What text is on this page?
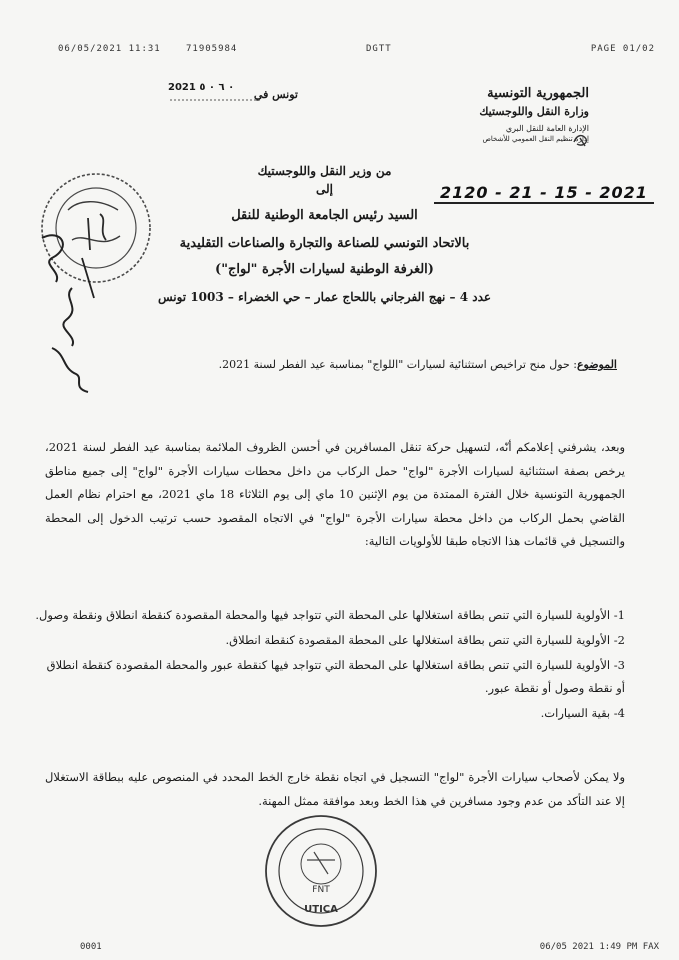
06/05/2021 11:31	71905984	DGTT	PAGE 01/02
الجمهورية التونسية
وزارة النقل واللوجستيك
الإدارة العامة للنقل البري
إدارة تنظيم النقل العمومي للأشخاص
2021 ٠ ٦ ٠ ٥
تونس في
2120 - 21 - 15 - 2021
من وزير النقل واللوجستيك
إلى
السيد رئيس الجامعة الوطنية للنقل
بالاتحاد التونسي للصناعة والتجارة والصناعات التقليدية
(الغرفة الوطنية لسيارات الأجرة "لواج")
عدد 4 – نهج الفرجاني باللحاج عمار – حي الخضراء – 1003 تونس
الموضوع: حول منح تراخيص استثنائية لسيارات "اللواج" بمناسبة عيد الفطر لسنة 2021.

وبعد، يشرفني إعلامكم أنّه، لتسهيل حركة تنقل المسافرين في أحسن الظروف الملائمة بمناسبة عيد الفطر لسنة 2021، يرخص بصفة استثنائية لسيارات الأجرة "لواج" حمل الركاب من داخل محطات سيارات الأجرة "لواج" إلى جميع مناطق الجمهورية التونسية خلال الفترة الممتدة من يوم الإثنين 10 ماي إلى يوم الثلاثاء 18 ماي 2021، مع احترام نظام العمل القاضي بحمل الركاب من داخل محطة سيارات الأجرة "لواج" في الاتجاه المقصود حسب ترتيب الدخول إلى المحطة والتسجيل في قائمات هذا الاتجاه طبقا للأولويات التالية:

1- الأولوية للسيارة التي تنص بطاقة استغلالها على المحطة التي تتواجد فيها والمحطة المقصودة كنقطة انطلاق ونقطة وصول.
2- الأولوية للسيارة التي تنص بطاقة استغلالها على المحطة المقصودة كنقطة انطلاق.
3- الأولوية للسيارة التي تنص بطاقة استغلالها على المحطة التي تتواجد فيها كنقطة عبور والمحطة المقصودة كنقطة انطلاق أو نقطة وصول أو نقطة عبور.
4- بقية السيارات.

ولا يمكن لأصحاب سيارات الأجرة "لواج" التسجيل في اتجاه نقطة خارج الخط المحدد في المنصوص عليه ببطاقة الاستغلال إلا عند التأكد من عدم وجود مسافرين في هذا الخط وبعد موافقة ممثل المهنة.

FNT
UTICA
0001	06/05 2021 1:49 PM FAX
